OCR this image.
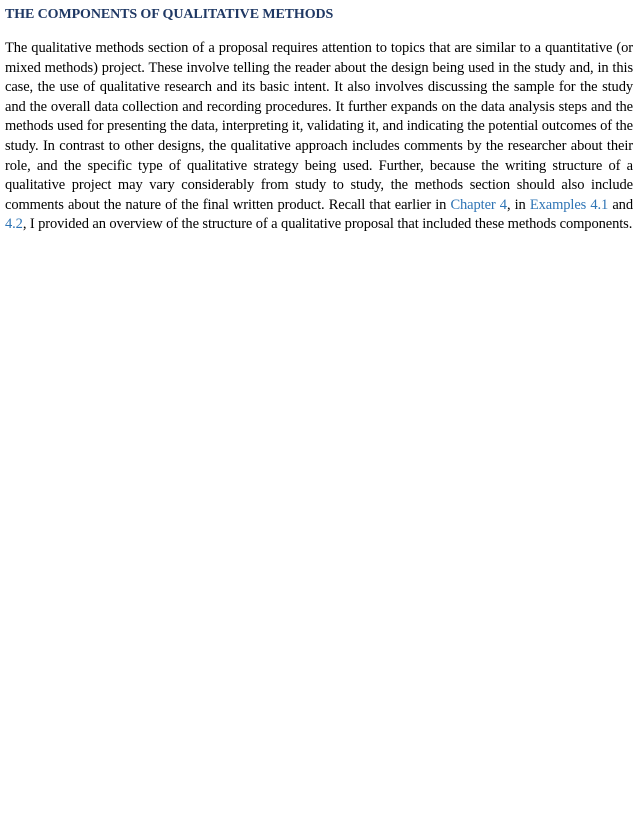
THE COMPONENTS OF QUALITATIVE METHODS

The qualitative methods section of a proposal requires attention to topics that are similar to a quantitative (or mixed methods) project. These involve telling the reader about the design being used in the study and, in this case, the use of qualitative research and its basic intent. It also involves discussing the sample for the study and the overall data collection and recording procedures. It further expands on the data analysis steps and the methods used for presenting the data, interpreting it, validating it, and indicating the potential outcomes of the study. In contrast to other designs, the qualitative approach includes comments by the researcher about their role, and the specific type of qualitative strategy being used. Further, because the writing structure of a qualitative project may vary considerably from study to study, the methods section should also include comments about the nature of the final written product. Recall that earlier in Chapter 4, in Examples 4.1 and 4.2, I provided an overview of the structure of a qualitative proposal that included these methods components.
